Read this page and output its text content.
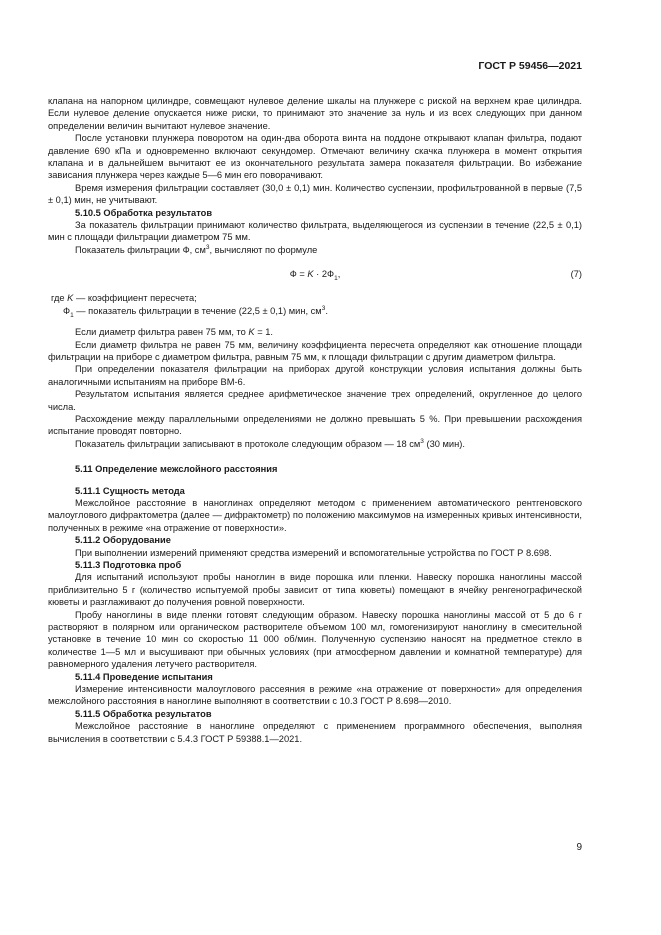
ГОСТ Р 59456—2021

клапана на напорном цилиндре, совмещают нулевое деление шкалы на плунжере с риской на верхнем крае цилиндра. Если нулевое деление опускается ниже риски, то принимают это значение за нуль и из всех следующих при данном определении величин вычитают нулевое значение.

После установки плунжера поворотом на один-два оборота винта на поддоне открывают клапан фильтра, подают давление 690 кПа и одновременно включают секундомер. Отмечают величину скачка плунжера в момент открытия клапана и в дальнейшем вычитают ее из окончательного результата замера показателя фильтрации. Во избежание зависания плунжера через каждые 5—6 мин его поворачивают.

Время измерения фильтрации составляет (30,0 ± 0,1) мин. Количество суспензии, профильтрованной в первые (7,5 ± 0,1) мин, не учитывают.

5.10.5 Обработка результатов

За показатель фильтрации принимают количество фильтрата, выделяющегося из суспензии в течение (22,5 ± 0,1) мин с площади фильтрации диаметром 75 мм.

Показатель фильтрации Ф, $см^3$, вычисляют по формуле

$Ф = K \cdot 2Ф_1$,	(7)

где K — коэффициент пересчета;

$Ф_1$ — показатель фильтрации в течение (22,5 ± 0,1) мин, $см^3$.

Если диаметр фильтра равен 75 мм, то K = 1.

Если диаметр фильтра не равен 75 мм, величину коэффициента пересчета определяют как отношение площади фильтрации на приборе с диаметром фильтра, равным 75 мм, к площади фильтрации с другим диаметром фильтра.

При определении показателя фильтрации на приборах другой конструкции условия испытания должны быть аналогичными испытаниям на приборе ВМ-6.

Результатом испытания является среднее арифметическое значение трех определений, округленное до целого числа.

Расхождение между параллельными определениями не должно превышать 5 %. При превышении расхождения испытание проводят повторно.

Показатель фильтрации записывают в протоколе следующим образом — 18 $см^3$ (30 мин).

5.11 Определение межслойного расстояния

5.11.1 Сущность метода

Межслойное расстояние в наноглинах определяют методом с применением автоматического рентгеновского малоуглового дифрактометра (далее — дифрактометр) по положению максимумов на измеренных кривых интенсивности, полученных в режиме «на отражение от поверхности».

5.11.2 Оборудование

При выполнении измерений применяют средства измерений и вспомогательные устройства по ГОСТ Р 8.698.

5.11.3 Подготовка проб

Для испытаний используют пробы наноглин в виде порошка или пленки. Навеску порошка наноглины массой приблизительно 5 г (количество испытуемой пробы зависит от типа кюветы) помещают в ячейку ренгенографической кюветы и разглаживают до получения ровной поверхности.

Пробу наноглины в виде пленки готовят следующим образом. Навеску порошка наноглины массой от 5 до 6 г растворяют в полярном или органическом растворителе объемом 100 мл, гомогенизируют наноглину в смесительной установке в течение 10 мин со скоростью 11 000 об/мин. Полученную суспензию наносят на предметное стекло в количестве 1—5 мл и высушивают при обычных условиях (при атмосферном давлении и комнатной температуре) для равномерного удаления летучего растворителя.

5.11.4 Проведение испытания

Измерение интенсивности малоуглового рассеяния в режиме «на отражение от поверхности» для определения межслойного расстояния в наноглине выполняют в соответствии с 10.3 ГОСТ Р 8.698—2010.

5.11.5 Обработка результатов

Межслойное расстояние в наноглине определяют с применением программного обеспечения, выполняя вычисления в соответствии с 5.4.3 ГОСТ Р 59388.1—2021.

9
